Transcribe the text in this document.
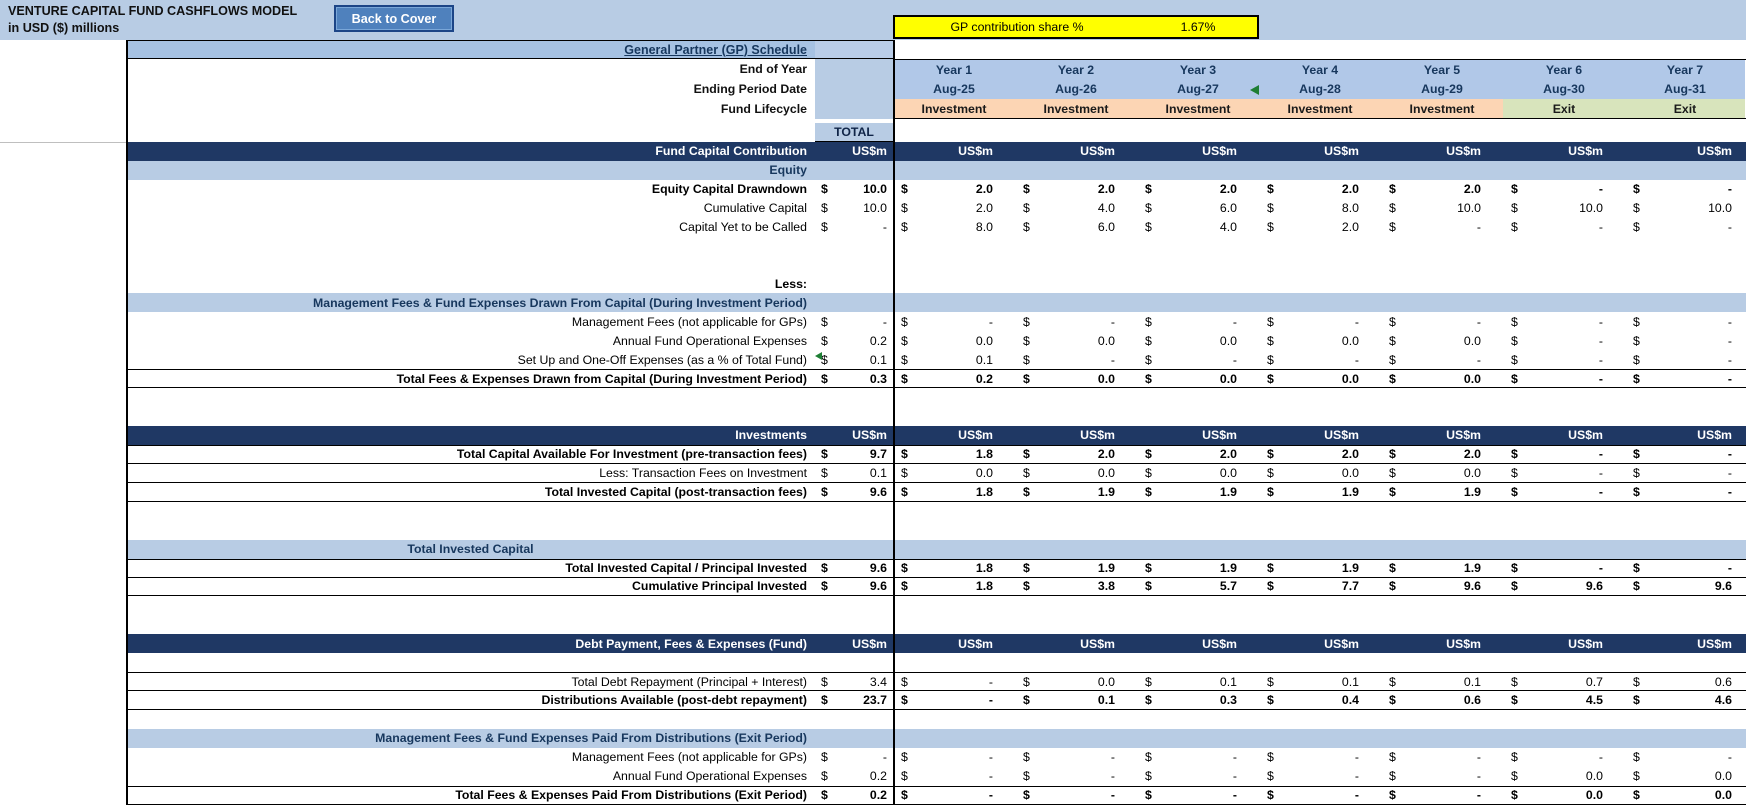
VENTURE CAPITAL FUND CASHFLOWS MODEL
in USD ($) millions
Back to Cover
GP contribution share %	1.67%
General Partner (GP) Schedule
End of Year	Year 1	Year 2	Year 3	Year 4	Year 5	Year 6	Year 7
Ending Period Date	Aug-25	Aug-26	Aug-27	Aug-28	Aug-29	Aug-30	Aug-31
Fund Lifecycle	Investment	Investment	Investment	Investment	Investment	Exit	Exit
TOTAL
Fund Capital Contribution	US$m	US$m	US$m	US$m	US$m	US$m	US$m	US$m
Equity
Equity Capital Drawndown $	10.0 $	2.0 $	2.0 $	2.0 $	2.0 $	2.0 $	- $	-
Cumulative Capital $	10.0 $	2.0 $	4.0 $	6.0 $	8.0 $	10.0 $	10.0 $	10.0
Capital Yet to be Called $	- $	8.0 $	6.0 $	4.0 $	2.0 $	- $	- $	-
Less:
Management Fees & Fund Expenses Drawn From Capital (During Investment Period)
Management Fees (not applicable for GPs) $	- $	- $	- $	- $	- $	- $	- $	-
Annual Fund Operational Expenses $	0.2 $	0.0 $	0.0 $	0.0 $	0.0 $	0.0 $	- $	-
Set Up and One-Off Expenses (as a % of Total Fund) $	0.1 $	0.1 $	- $	- $	- $	- $	- $	-
Total Fees & Expenses Drawn from Capital (During Investment Period) $	0.3 $	0.2 $	0.0 $	0.0 $	0.0 $	0.0 $	- $	-
Investments	US$m	US$m	US$m	US$m	US$m	US$m	US$m	US$m
Total Capital Available For Investment (pre-transaction fees) $	9.7 $	1.8 $	2.0 $	2.0 $	2.0 $	2.0 $	- $	-
Less: Transaction Fees on Investment $	0.1 $	0.0 $	0.0 $	0.0 $	0.0 $	0.0 $	- $	-
Total Invested Capital (post-transaction fees) $	9.6 $	1.8 $	1.9 $	1.9 $	1.9 $	1.9 $	- $	-
Total Invested Capital
Total Invested Capital / Principal Invested $	9.6 $	1.8 $	1.9 $	1.9 $	1.9 $	1.9 $	- $	-
Cumulative Principal Invested $	9.6 $	1.8 $	3.8 $	5.7 $	7.7 $	9.6 $	9.6 $	9.6
Debt Payment, Fees & Expenses (Fund)	US$m	US$m	US$m	US$m	US$m	US$m	US$m	US$m
Total Debt Repayment (Principal + Interest) $	3.4 $	- $	0.0 $	0.1 $	0.1 $	0.1 $	0.7 $	0.6
Distributions Available (post-debt repayment) $	23.7 $	- $	0.1 $	0.3 $	0.4 $	0.6 $	4.5 $	4.6
Management Fees & Fund Expenses Paid From Distributions (Exit Period)
Management Fees (not applicable for GPs) $	- $	- $	- $	- $	- $	- $	- $	-
Annual Fund Operational Expenses $	0.2 $	- $	- $	- $	- $	- $	0.0 $	0.0
Total Fees & Expenses Paid From Distributions (Exit Period) $	0.2 $	- $	- $	- $	- $	- $	0.0 $	0.0
